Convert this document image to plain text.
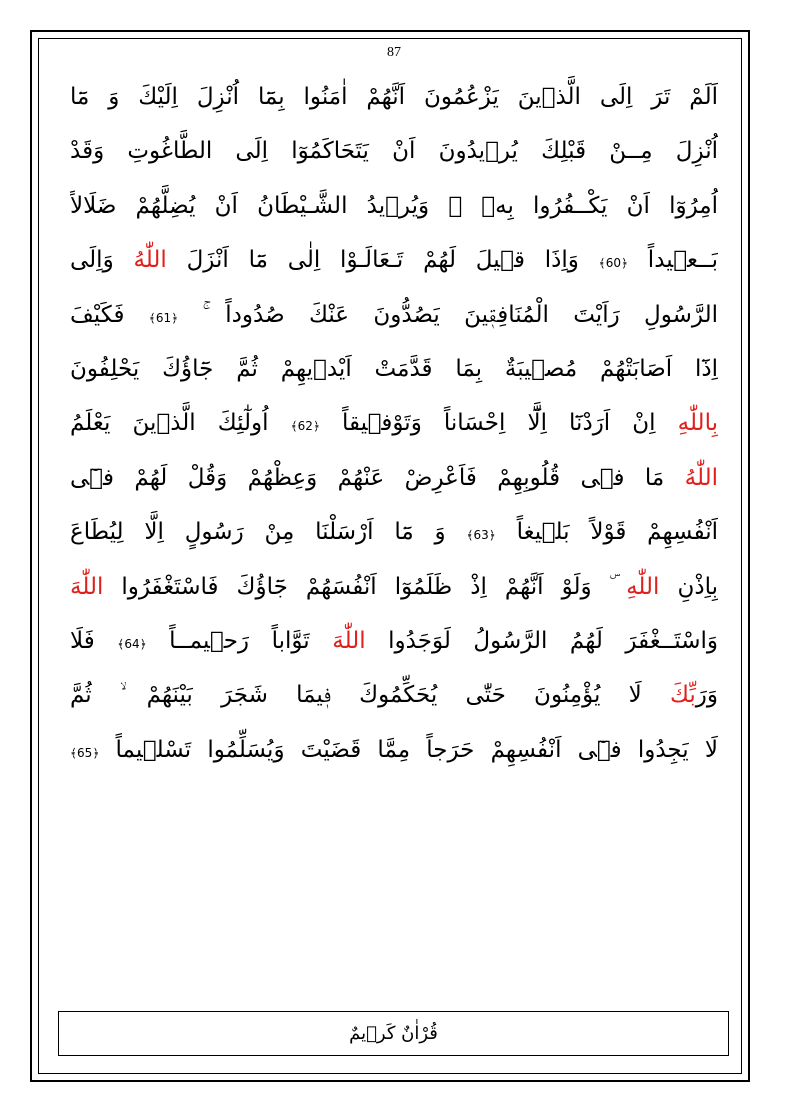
87
اَلَمْ تَرَ اِلَى الَّذٖينَ يَزْعُمُونَ اَنَّهُمْ اٰمَنُوا بِمَٓا اُنْزِلَ اِلَيْكَ وَ مَٓا
اُنْزِلَ مِــنْ قَبْلِكَ يُرٖيدُونَ اَنْ يَتَحَاكَمُوٓا اِلَى الطَّاغُوتِ وَقَدْ
اُمِرُوٓا اَنْ يَكْــفُرُوا بِهٖ ۜ وَيُرٖيدُ الشَّـيْطَانُ اَنْ يُضِلَّهُمْ ضَلَالاً
بَــعٖيداً ﴿60﴾ وَاِذَا قٖيلَ لَهُمْ تَـعَالَـوْا اِلٰى مَٓا اَنْزَلَ اللّٰهُ وَاِلَى
الرَّسُولِ رَاَيْتَ الْمُنَافِقٖينَ يَصُدُّونَ عَنْكَ صُدُوداً ۚ ﴿61﴾ فَكَيْفَ
اِذَٓا اَصَابَتْهُمْ مُصٖيبَةٌ بِمَا قَدَّمَتْ اَيْدٖيهِمْ ثُمَّ جَٓاؤُكَ يَحْلِفُونَ
بِاللّٰهِ اِنْ اَرَدْنَٓا اِلَّٓا اِحْسَاناً وَتَوْفٖيقاً ﴿62﴾ اُولٰٓئِكَ الَّذٖينَ يَعْلَمُ
اللّٰهُ مَا فٖى قُلُوبِهِمْ فَاَعْرِضْ عَنْهُمْ وَعِظْهُمْ وَقُلْ لَهُمْ فٖٓى
اَنْفُسِهِمْ قَوْلاً بَلٖيغاً ﴿63﴾ وَ مَٓا اَرْسَلْنَا مِنْ رَسُولٍ اِلَّا لِيُطَاعَ
بِاِذْنِ اللّٰهِ ۜ وَلَوْ اَنَّهُمْ اِذْ ظَلَمُوٓا اَنْفُسَهُمْ جَٓاؤُكَ فَاسْتَغْفَرُوا اللّٰهَ
وَاسْتَــغْفَرَ لَهُمُ الرَّسُولُ لَوَجَدُوا اللّٰهَ تَوَّاباً رَحٖيمــاً ﴿64﴾ فَلَا
وَرَبِّكَ لَا يُؤْمِنُونَ حَتّٰى يُحَكِّمُوكَ فٖيمَا شَجَرَ بَيْنَهُمْ ۙ ثُمَّ
لَا يَجِدُوا فٖٓى اَنْفُسِهِمْ حَرَجاً مِمَّا قَضَيْتَ وَيُسَلِّمُوا تَسْلٖيماً ﴿65﴾
قُرْاٰنٌ كَرٖيمٌ
